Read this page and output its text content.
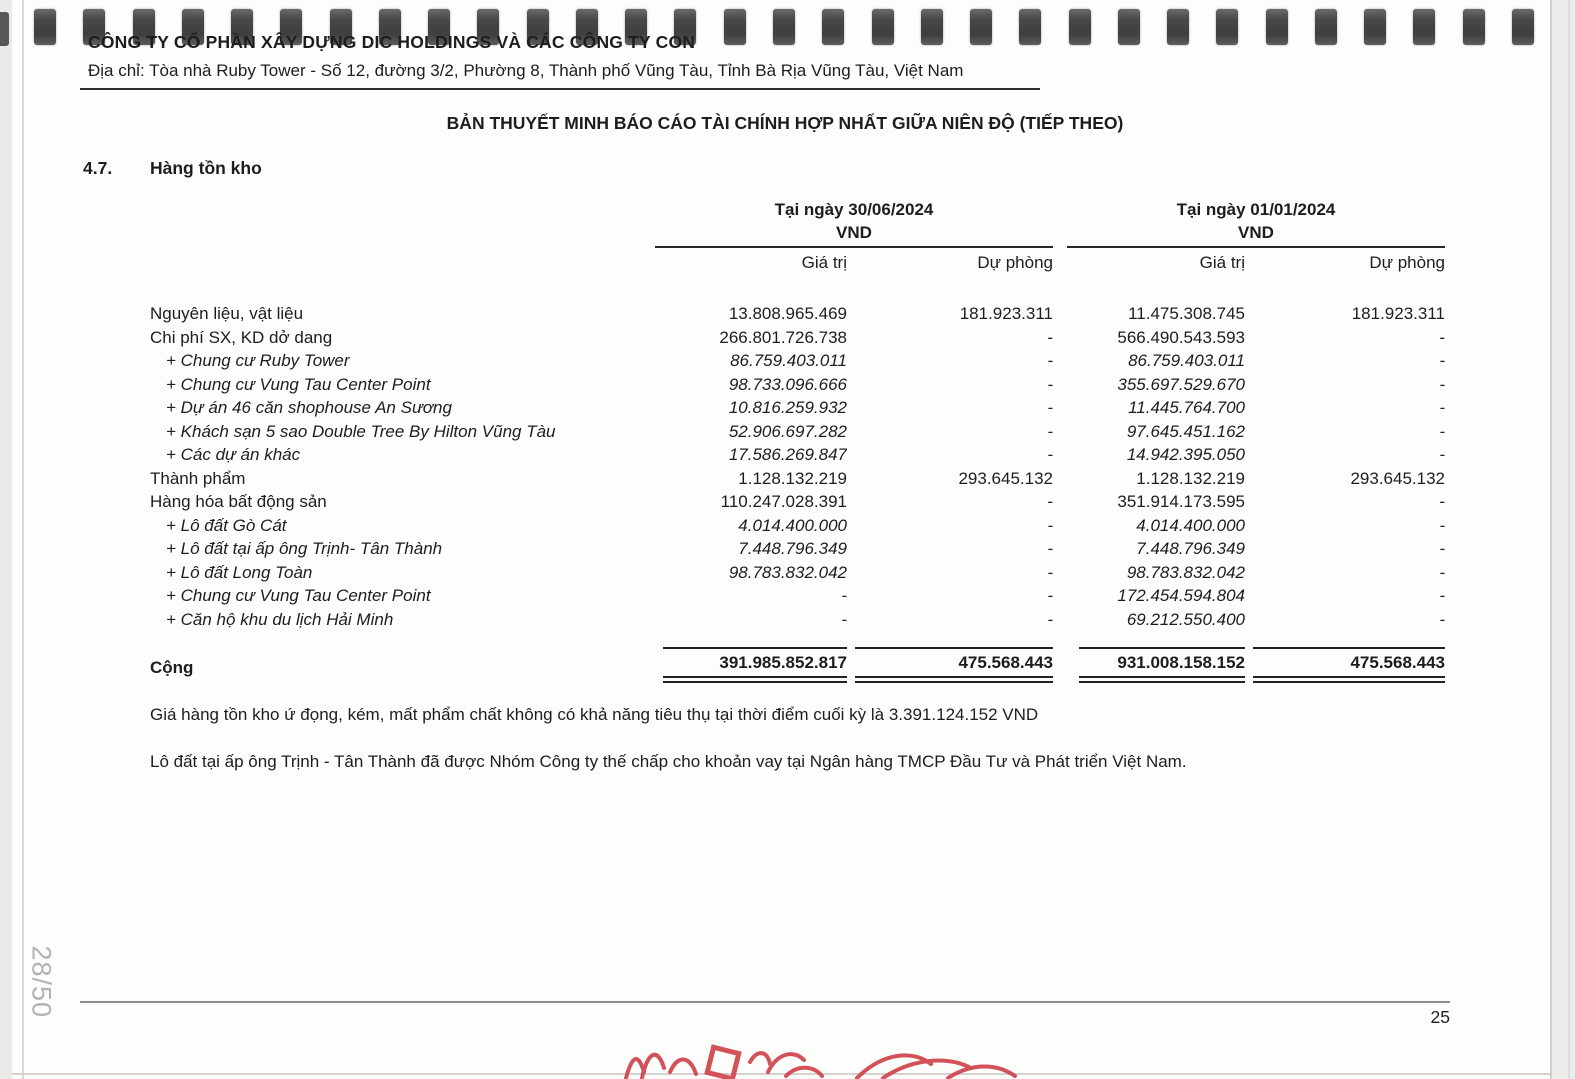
CÔNG TY CỔ PHẦN XÂY DỰNG DIC HOLDINGS VÀ CÁC CÔNG TY CON
Địa chỉ: Tòa nhà Ruby Tower - Số 12, đường 3/2, Phường 8, Thành phố Vũng Tàu, Tỉnh Bà Rịa Vũng Tàu, Việt Nam
BẢN THUYẾT MINH BÁO CÁO TÀI CHÍNH HỢP NHẤT GIỮA NIÊN ĐỘ (TIẾP THEO)
4.7. Hàng tồn kho

Tại ngày 30/06/2024
VND

Tại ngày 01/01/2024
VND

	Giá trị	Dự phòng	Giá trị	Dự phòng

Nguyên liệu, vật liệu	13.808.965.469	181.923.311	11.475.308.745	181.923.311
Chi phí SX, KD dở dang	266.801.726.738	-	566.490.543.593	-
+ Chung cư Ruby Tower	86.759.403.011	-	86.759.403.011	-
+ Chung cư Vung Tau Center Point	98.733.096.666	-	355.697.529.670	-
+ Dự án 46 căn shophouse An Sương	10.816.259.932	-	11.445.764.700	-
+ Khách sạn 5 sao Double Tree By Hilton Vũng Tàu	52.906.697.282	-	97.645.451.162	-
+ Các dự án khác	17.586.269.847	-	14.942.395.050	-
Thành phẩm	1.128.132.219	293.645.132	1.128.132.219	293.645.132
Hàng hóa bất động sản	110.247.028.391	-	351.914.173.595	-
+ Lô đất Gò Cát	4.014.400.000	-	4.014.400.000	-
+ Lô đất tại ấp ông Trịnh- Tân Thành	7.448.796.349	-	7.448.796.349	-
+ Lô đất Long Toàn	98.783.832.042	-	98.783.832.042	-
+ Chung cư Vung Tau Center Point	-	-	172.454.594.804	-
+ Căn hộ khu du lịch Hải Minh	-	-	69.212.550.400	-

Cộng	391.985.852.817	475.568.443	931.008.158.152	475.568.443
Giá hàng tồn kho ứ đọng, kém, mất phẩm chất không có khả năng tiêu thụ tại thời điểm cuối kỳ là 3.391.124.152 VND
Lô đất tại ấp ông Trịnh - Tân Thành đã được Nhóm Công ty thế chấp cho khoản vay tại Ngân hàng TMCP Đầu Tư và Phát triển Việt Nam.
25
28/50
